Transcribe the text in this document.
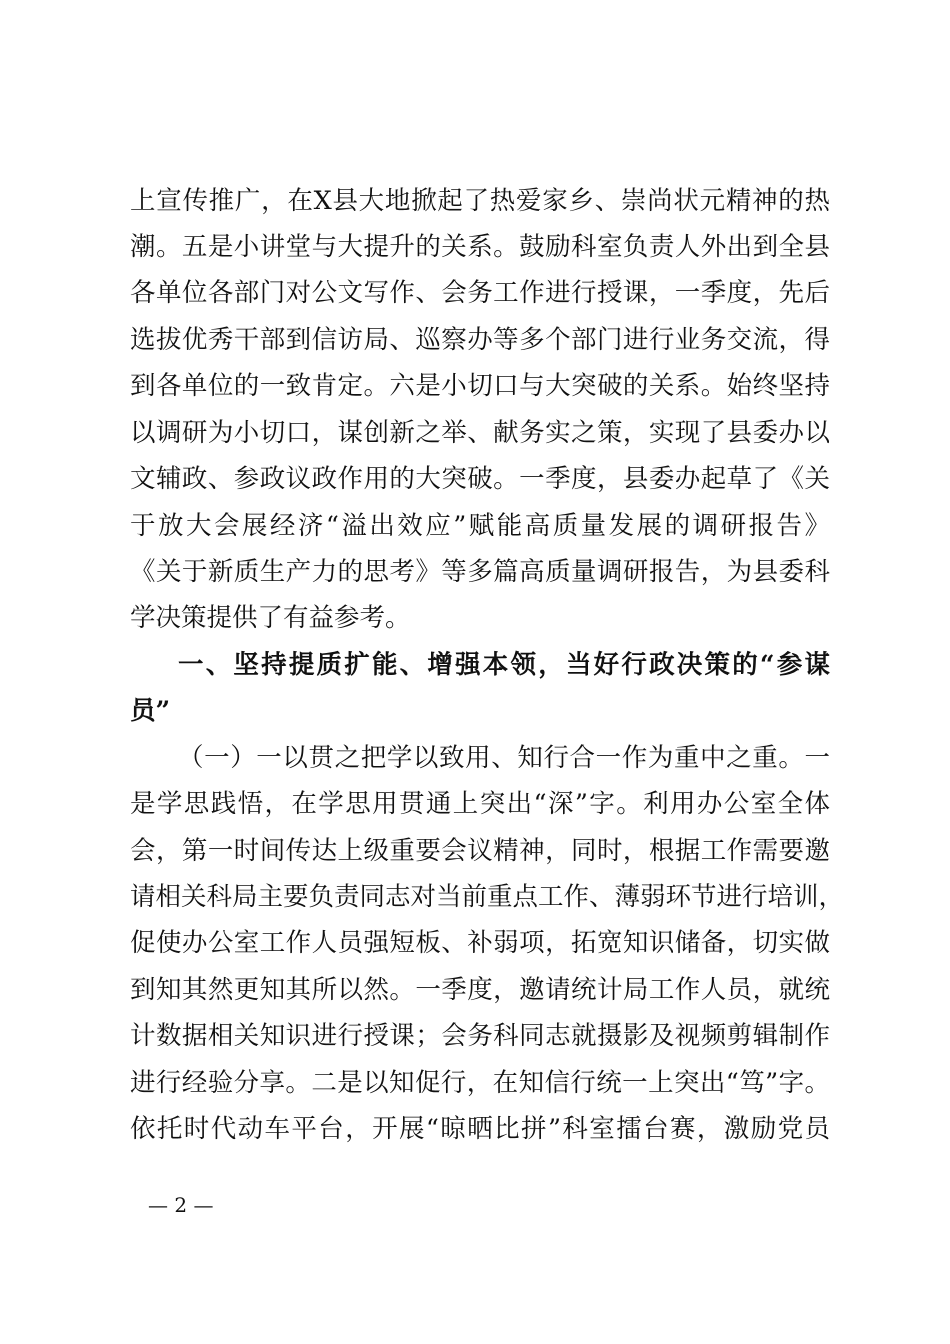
上宣传推广，在X县大地掀起了热爱家乡、崇尚状元精神的热
潮。五是小讲堂与大提升的关系。鼓励科室负责人外出到全县
各单位各部门对公文写作、会务工作进行授课，一季度，先后
选拔优秀干部到信访局、巡察办等多个部门进行业务交流，得
到各单位的一致肯定。六是小切口与大突破的关系。始终坚持
以调研为小切口，谋创新之举、献务实之策，实现了县委办以
文辅政、参政议政作用的大突破。一季度，县委办起草了《关
于放大会展经济“溢出效应”赋能高质量发展的调研报告》
《关于新质生产力的思考》等多篇高质量调研报告，为县委科
学决策提供了有益参考。
一、坚持提质扩能、增强本领，当好行政决策的“参谋
员”
（一）一以贯之把学以致用、知行合一作为重中之重。一
是学思践悟，在学思用贯通上突出“深”字。利用办公室全体
会，第一时间传达上级重要会议精神，同时，根据工作需要邀
请相关科局主要负责同志对当前重点工作、薄弱环节进行培训，
促使办公室工作人员强短板、补弱项，拓宽知识储备，切实做
到知其然更知其所以然。一季度，邀请统计局工作人员，就统
计数据相关知识进行授课；会务科同志就摄影及视频剪辑制作
进行经验分享。二是以知促行，在知信行统一上突出“笃”字。
依托时代动车平台，开展“晾晒比拼”科室擂台赛，激励党员
— 2 —
